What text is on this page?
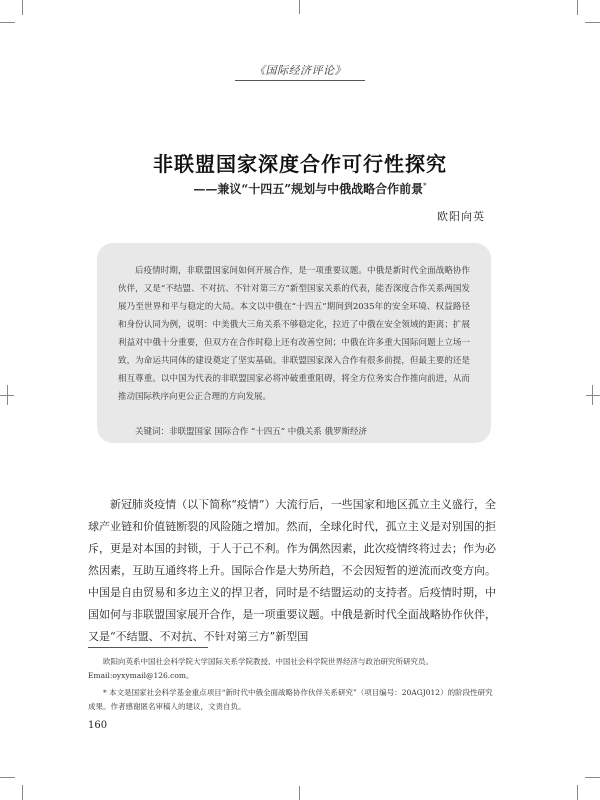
《国际经济评论》
非联盟国家深度合作可行性探究
——兼议“十四五”规划与中俄战略合作前景*
欧阳向英
后疫情时期，非联盟国家间如何开展合作，是一项重要议题。中俄是新时代全面战略协作伙伴，又是“不结盟、不对抗、不针对第三方”新型国家关系的代表，能否深度合作关系两国发展乃至世界和平与稳定的大局。本文以中俄在“十四五”期间到2035年的安全环境、权益路径和身份认同为例，说明：中美俄大三角关系不够稳定化，拉近了中俄在安全领域的距离；扩展利益对中俄十分重要，但双方在合作时稳上还有改善空间；中俄在许多重大国际问题上立场一致，为命运共同体的建设奠定了坚实基础。非联盟国家深入合作有很多前提，但最主要的还是相互尊重。以中国为代表的非联盟国家必将冲破重重阻碍，将全方位务实合作推向前进，从而推动国际秩序向更公正合理的方向发展。
关键词：非联盟国家 国际合作 “十四五” 中俄关系 俄罗斯经济
新冠肺炎疫情（以下简称“疫情”）大流行后，一些国家和地区孤立主义盛行，全球产业链和价值链断裂的风险随之增加。然而，全球化时代，孤立主义是对别国的拒斥，更是对本国的封锁，于人于己不利。作为偶然因素，此次疫情终将过去；作为必然因素，互助互通终将上升。国际合作是大势所趋，不会因短暂的逆流而改变方向。中国是自由贸易和多边主义的捍卫者，同时是不结盟运动的支持者。后疫情时期，中国如何与非联盟国家展开合作，是一项重要议题。中俄是新时代全面战略协作伙伴，又是“不结盟、不对抗、不针对第三方”新型国
欧阳向英系中国社会科学院大学国际关系学院教授、中国社会科学院世界经济与政治研究所研究员。Email:oyxymail@126.com。
* 本文是国家社会科学基金重点项目“新时代中俄全面战略协作伙伴关系研究”（项目编号：20AGJ012）的阶段性研究成果。作者感谢匿名审稿人的建议，文责自负。
160
